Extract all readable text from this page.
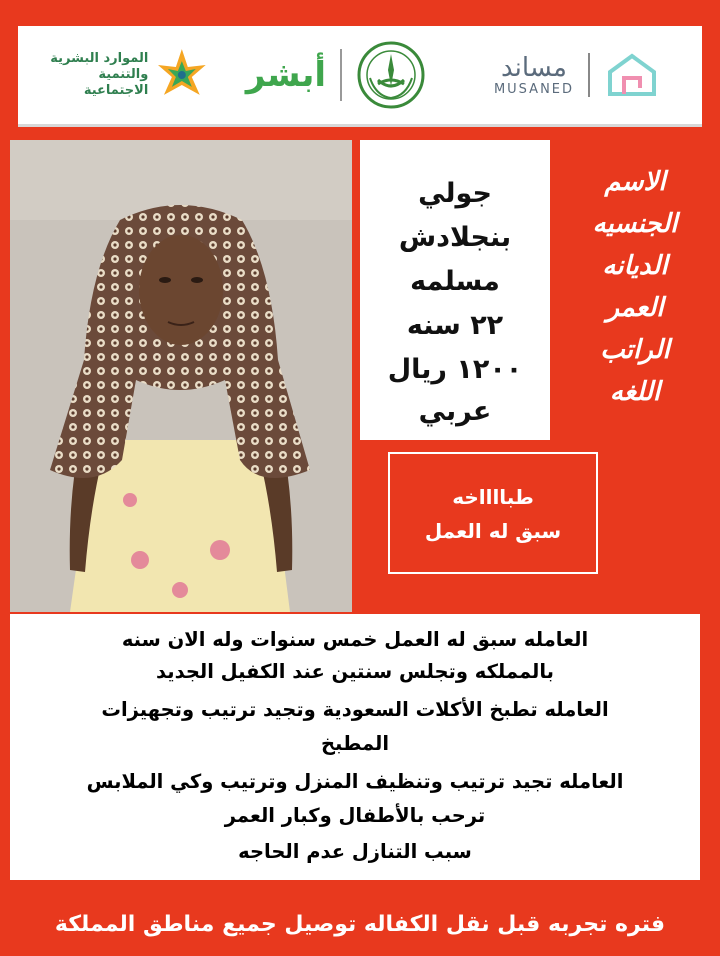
الموارد البشرية
والتنمية الاجتماعية	أبشر	مساند
MUSANED
جولي
بنجلادش
مسلمه
٢٢ سنه
١٢٠٠ ريال
عربي
الاسم
الجنسيه
الديانه
العمر
الراتب
اللغه
طبااااخه
سبق له العمل
العامله سبق له العمل خمس سنوات وله الان سنه
بالمملكه وتجلس سنتين عند الكفيل الجديد
العامله تطبخ الأكلات السعودية وتجيد ترتيب وتجهيزات
المطبخ
العامله تجيد ترتيب وتنظيف المنزل وترتيب وكي الملابس
ترحب بالأطفال وكبار العمر
سبب التنازل عدم الحاجه
فتره تجربه قبل نقل الكفاله توصيل جميع مناطق المملكة
